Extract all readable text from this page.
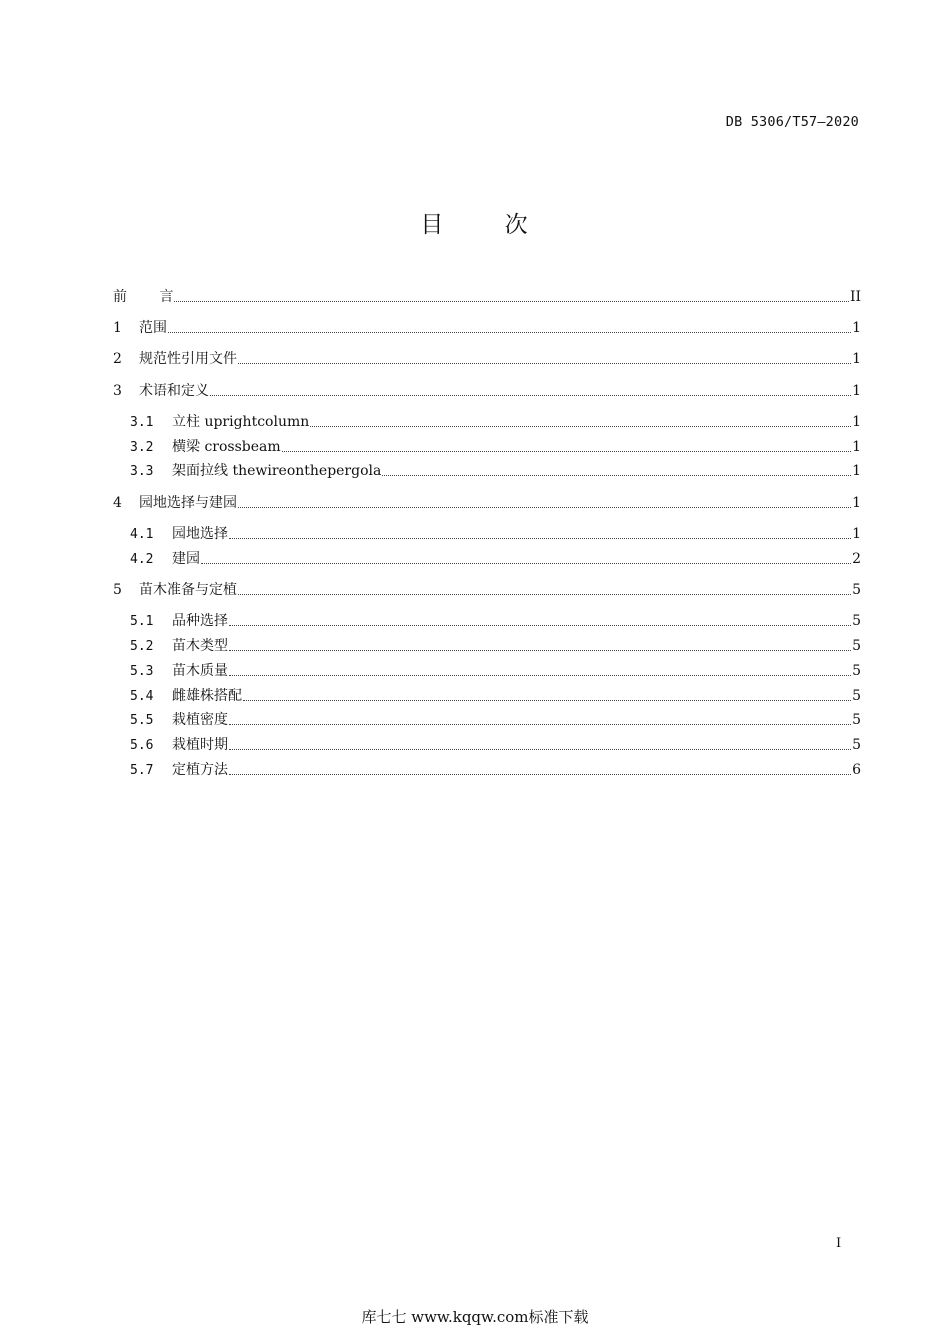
DB 5306/T57—2020
目 次
前 言	II
1	范围	1
2	规范性引用文件	1
3	术语和定义	1
3.1	立柱 uprightcolumn	1
3.2	横梁 crossbeam	1
3.3	架面拉线 thewireonthepergola	1
4	园地选择与建园	1
4.1	园地选择	1
4.2	建园	2
5	苗木准备与定植	5
5.1	品种选择	5
5.2	苗木类型	5
5.3	苗木质量	5
5.4	雌雄株搭配	5
5.5	栽植密度	5
5.6	栽植时期	5
5.7	定植方法	6
I
库七七 www.kqqw.com标准下载
